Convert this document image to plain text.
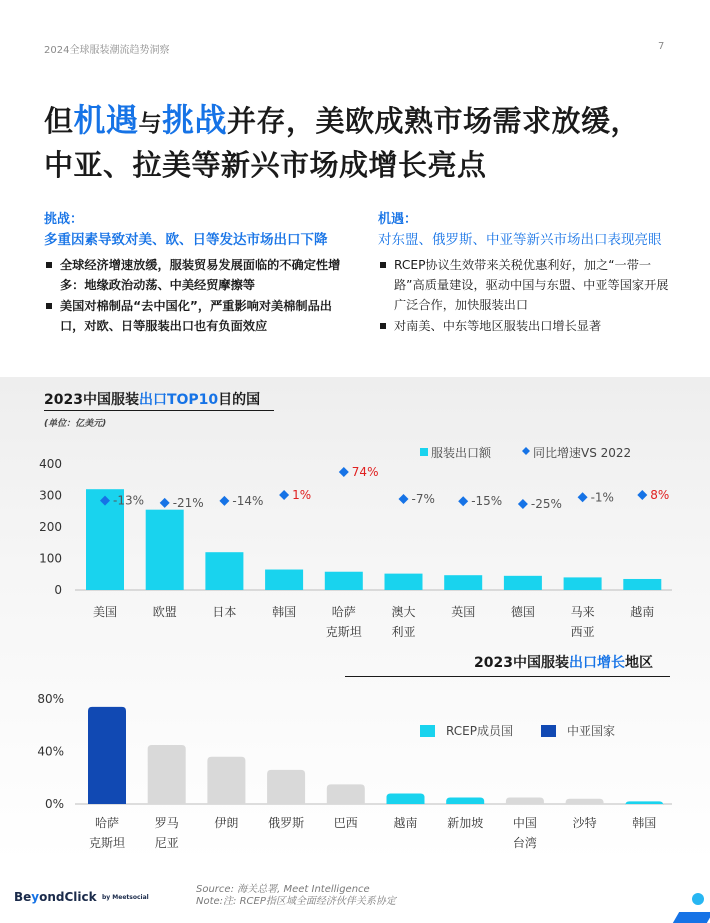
2024全球服装潮流趋势洞察	7
但机遇与挑战并存，美欧成熟市场需求放缓，
中亚、拉美等新兴市场成增长亮点
挑战：
多重因素导致对美、欧、日等发达市场出口下降
全球经济增速放缓，服装贸易发展面临的不确定性增多：地缘政治动荡、中美经贸摩擦等
美国对棉制品“去中国化”，严重影响对美棉制品出口，对欧、日等服装出口也有负面效应
机遇：
对东盟、俄罗斯、中亚等新兴市场出口表现亮眼
RCEP协议生效带来关税优惠利好，加之“一带一路”高质量建设，驱动中国与东盟、中亚等国家开展广泛合作，加快服装出口
对南美、中东等地区服装出口增长显著
2023中国服装出口TOP10目的国
(单位：亿美元)
0
100
200
300
400
美国	欧盟	日本	韩国	哈萨克斯坦
澳大利亚
英国	德国	马来西亚
越南
-13% -21% -14% 1%
74%
-7%	-15% -25% -1%	8%
服装出口额	同比增速VS 2022
2023中国服装出口增长地区
0%
40%
80%
哈萨克斯坦
罗马尼亚
伊朗 俄罗斯 巴西	越南 新加坡 中国台湾
沙特	韩国
RCEP成员国	中亚国家
Source: 海关总署, Meet Intelligence
Note:注: RCEP指区域全面经济伙伴关系协定
BeyondClick by Meetsocial
